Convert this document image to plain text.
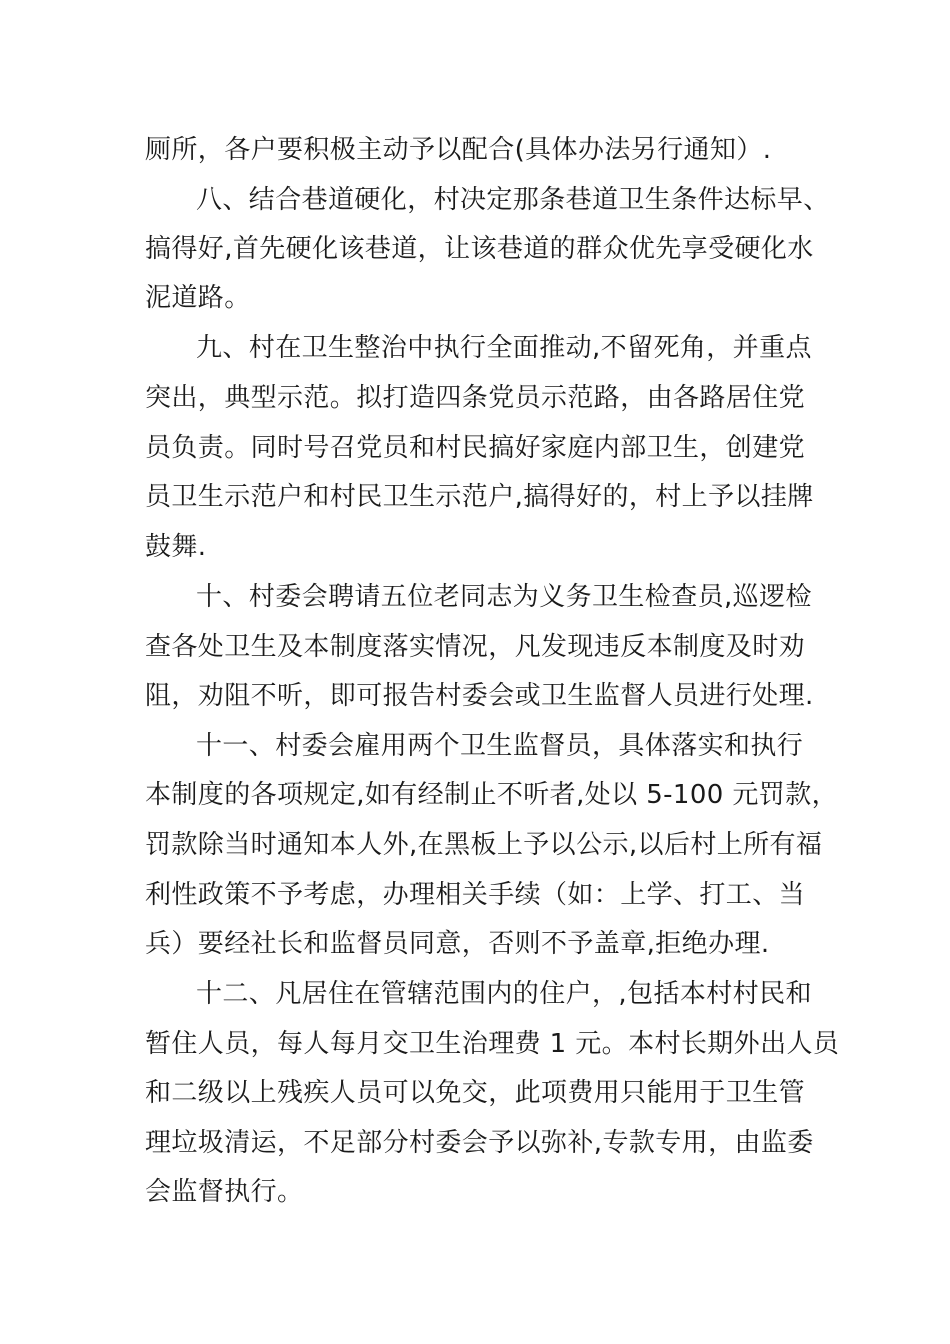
厕所，各户要积极主动予以配合(具体办法另行通知）.
八、结合巷道硬化，村决定那条巷道卫生条件达标早、
搞得好,首先硬化该巷道，让该巷道的群众优先享受硬化水
泥道路。
九、村在卫生整治中执行全面推动,不留死角，并重点
突出，典型示范。拟打造四条党员示范路，由各路居住党
员负责。同时号召党员和村民搞好家庭内部卫生，创建党
员卫生示范户和村民卫生示范户,搞得好的，村上予以挂牌
鼓舞.
十、村委会聘请五位老同志为义务卫生检查员,巡逻检
查各处卫生及本制度落实情况，凡发现违反本制度及时劝
阻，劝阻不听，即可报告村委会或卫生监督人员进行处理.
十一、村委会雇用两个卫生监督员，具体落实和执行
本制度的各项规定,如有经制止不听者,处以 5-100 元罚款，
罚款除当时通知本人外,在黑板上予以公示,以后村上所有福
利性政策不予考虑，办理相关手续（如：上学、打工、当
兵）要经社长和监督员同意，否则不予盖章,拒绝办理.
十二、凡居住在管辖范围内的住户，,包括本村村民和
暂住人员，每人每月交卫生治理费 1 元。本村长期外出人员
和二级以上残疾人员可以免交，此项费用只能用于卫生管
理垃圾清运，不足部分村委会予以弥补,专款专用，由监委
会监督执行。
